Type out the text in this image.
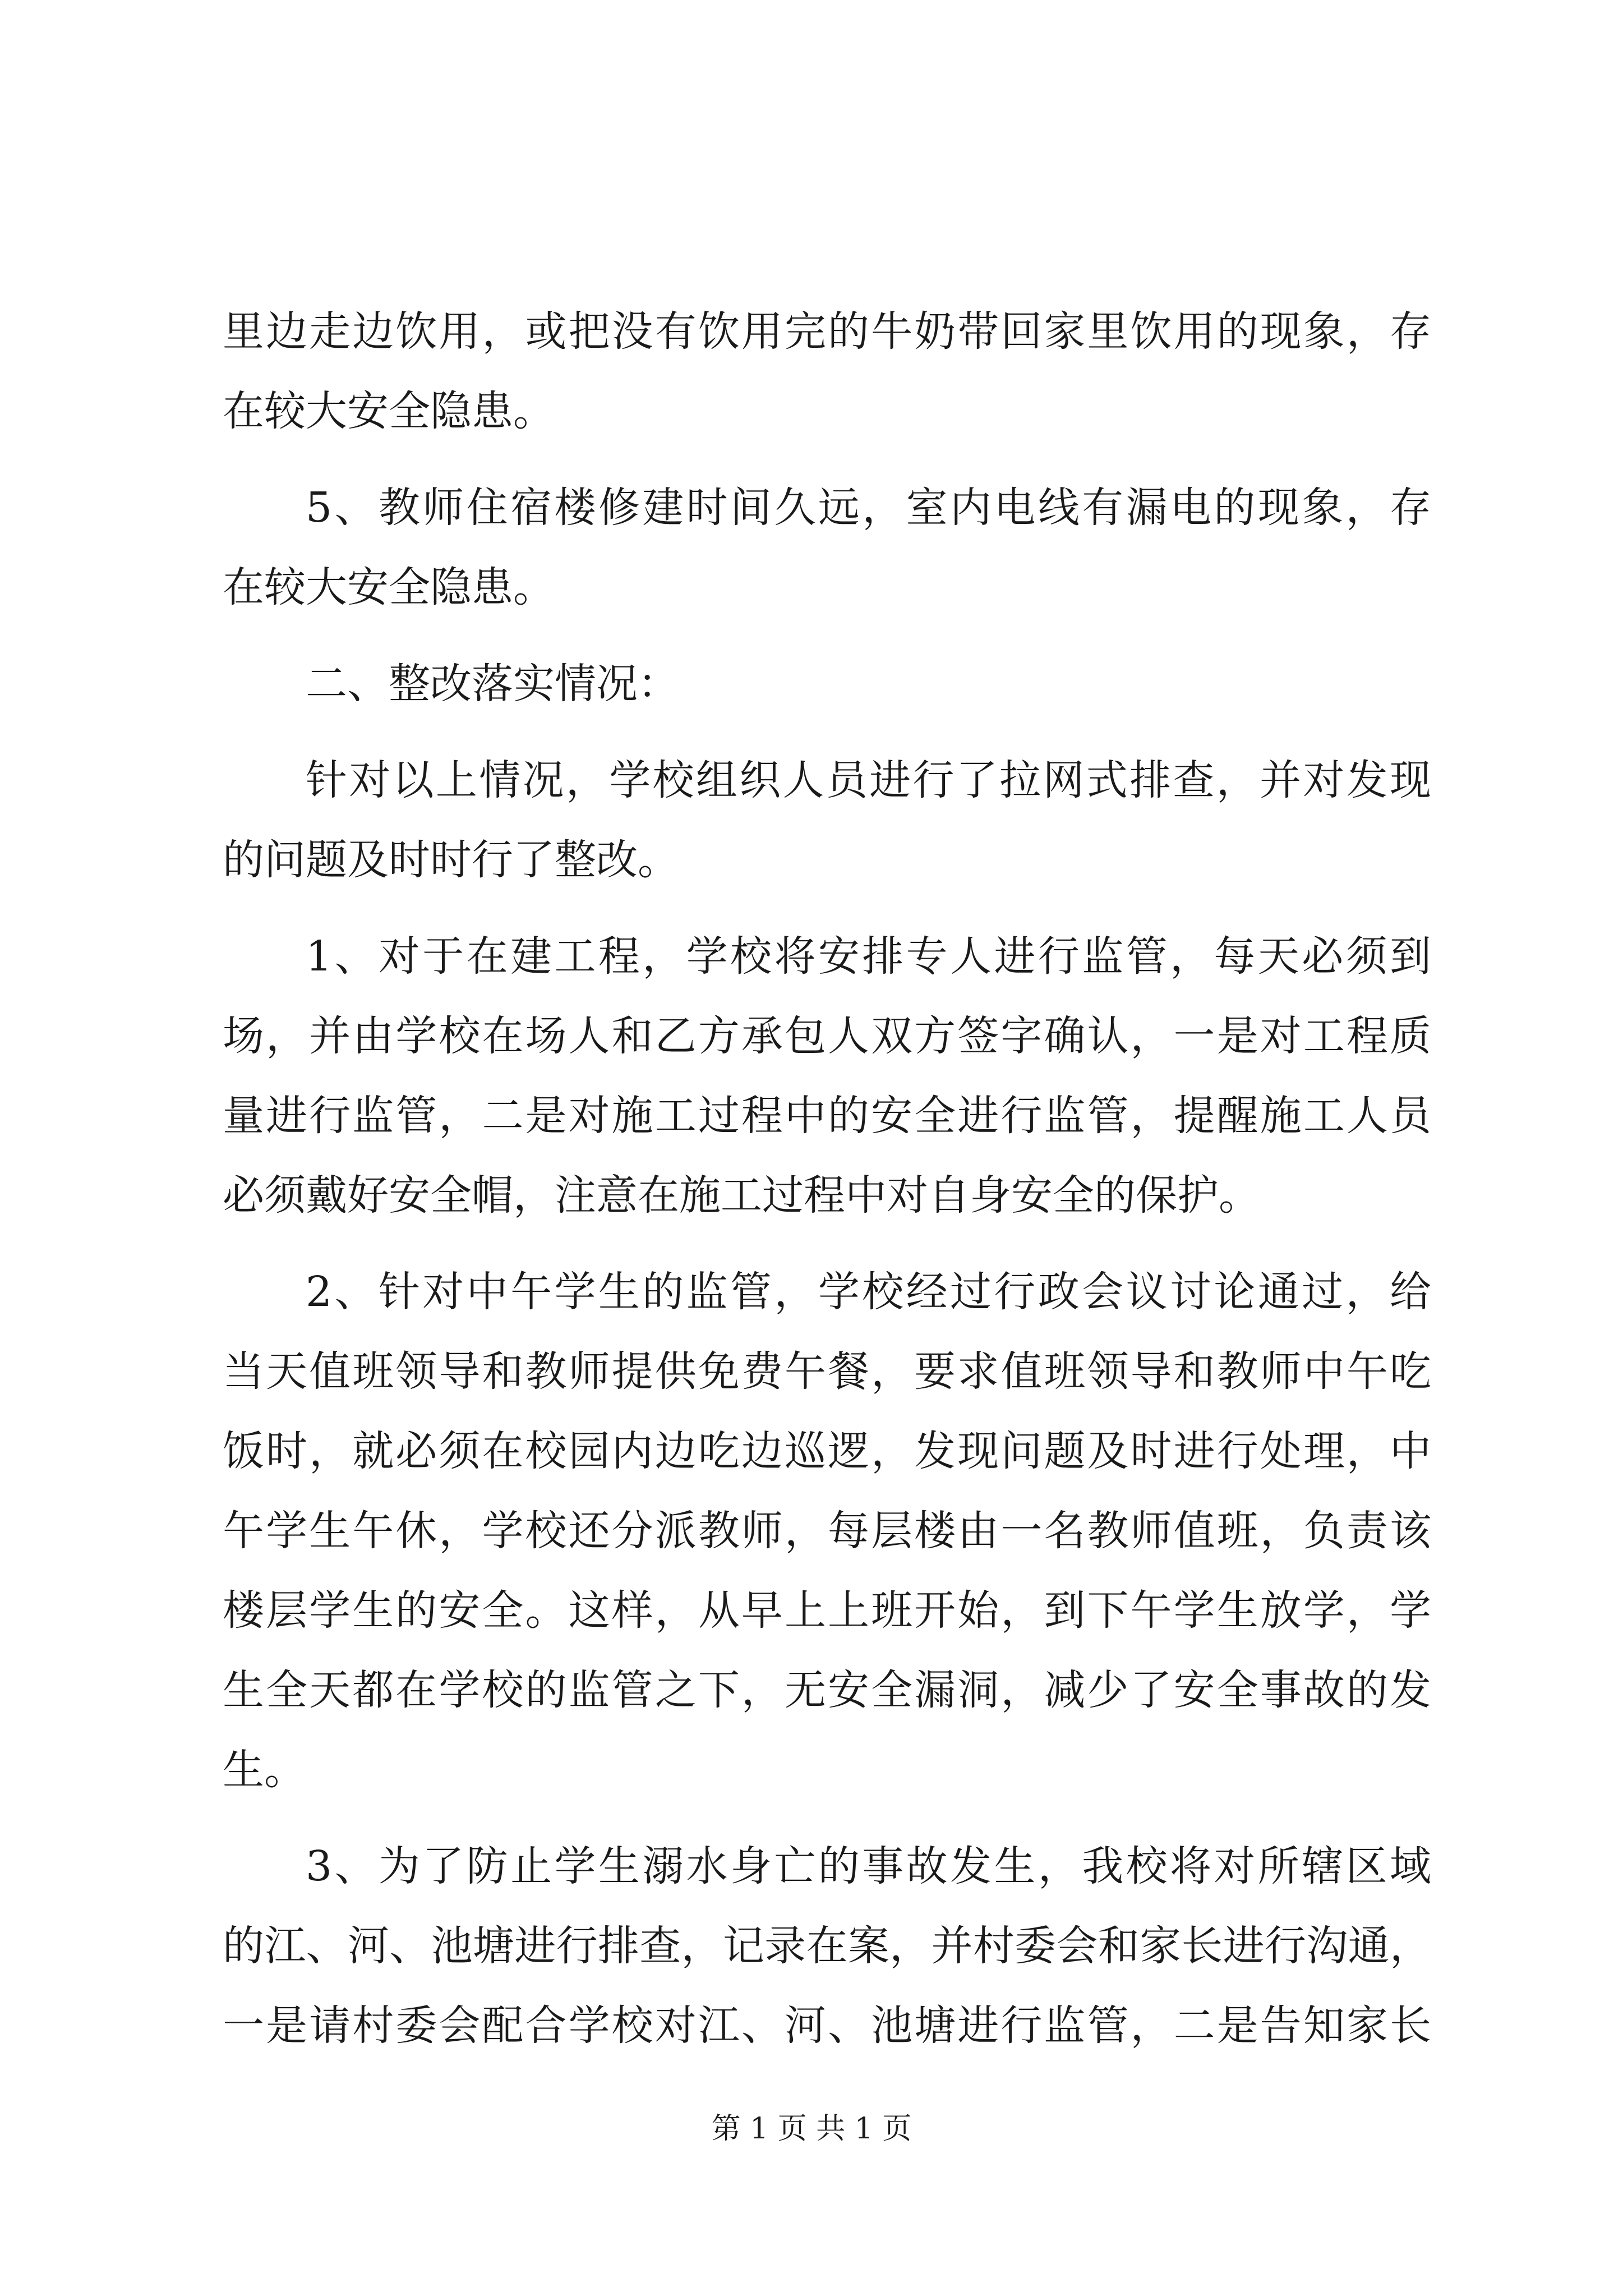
里边走边饮用，或把没有饮用完的牛奶带回家里饮用的现象，存
在较大安全隐患。
5、教师住宿楼修建时间久远，室内电线有漏电的现象，存
在较大安全隐患。
二、整改落实情况：
针对以上情况，学校组织人员进行了拉网式排查，并对发现
的问题及时时行了整改。
1、对于在建工程，学校将安排专人进行监管，每天必须到
场，并由学校在场人和乙方承包人双方签字确认，一是对工程质
量进行监管，二是对施工过程中的安全进行监管，提醒施工人员
必须戴好安全帽，注意在施工过程中对自身安全的保护。
2、针对中午学生的监管，学校经过行政会议讨论通过，给
当天值班领导和教师提供免费午餐，要求值班领导和教师中午吃
饭时，就必须在校园内边吃边巡逻，发现问题及时进行处理，中
午学生午休，学校还分派教师，每层楼由一名教师值班，负责该
楼层学生的安全。这样，从早上上班开始，到下午学生放学，学
生全天都在学校的监管之下，无安全漏洞，减少了安全事故的发
生。
3、为了防止学生溺水身亡的事故发生，我校将对所辖区域
的江、河、池塘进行排查，记录在案，并村委会和家长进行沟通，
一是请村委会配合学校对江、河、池塘进行监管，二是告知家长
第 1 页 共 1 页
